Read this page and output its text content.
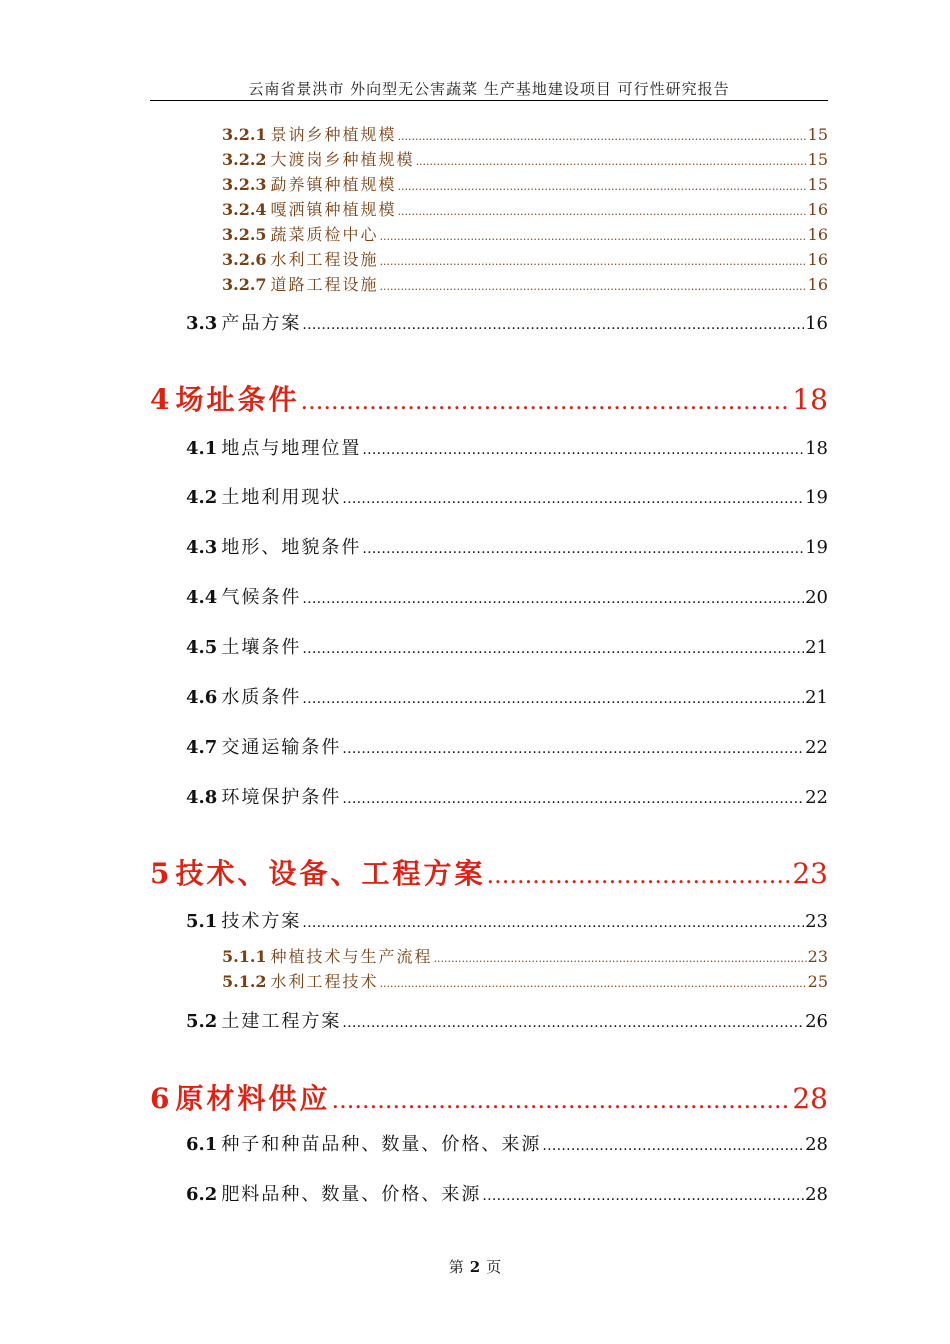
云南省景洪市 外向型无公害蔬菜 生产基地建设项目 可行性研究报告
3.2.1 景讷乡种植规模 .....	15
3.2.2 大渡岗乡种植规模 .....	15
3.2.3 勐养镇种植规模 .....	15
3.2.4 嘎洒镇种植规模 .....	16
3.2.5 蔬菜质检中心 .....	16
3.2.6 水利工程设施 .....	16
3.2.7 道路工程设施 .....	16
3.3 产品方案 .....	16
4 场址条件 .....	18
4.1 地点与地理位置 .....	18
4.2 土地利用现状 .....	19
4.3 地形、地貌条件 .....	19
4.4 气候条件 .....	20
4.5 土壤条件 .....	21
4.6 水质条件 .....	21
4.7 交通运输条件 .....	22
4.8 环境保护条件 .....	22
5 技术、设备、工程方案 .....	23
5.1 技术方案 .....	23
5.1.1 种植技术与生产流程 .....	23
5.1.2 水利工程技术 .....	25
5.2 土建工程方案 .....	26
6 原材料供应 .....	28
6.1 种子和种苗品种、数量、价格、来源 .....	28
6.2 肥料品种、数量、价格、来源 .....	28
第 2 页
